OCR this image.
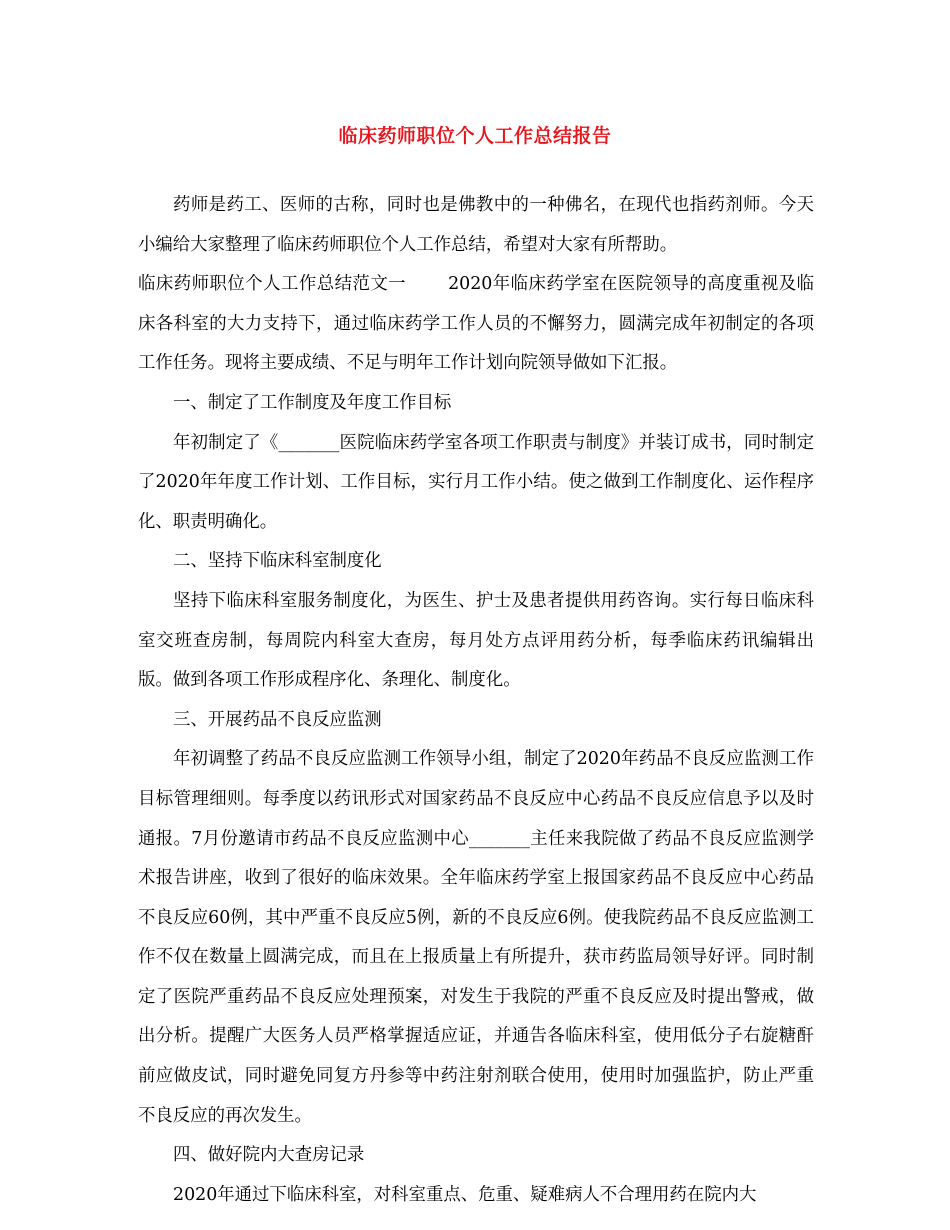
临床药师职位个人工作总结报告

药师是药工、医师的古称，同时也是佛教中的一种佛名，在现代也指药剂师。今天小编给大家整理了临床药师职位个人工作总结，希望对大家有所帮助。

临床药师职位个人工作总结范文一 2020年临床药学室在医院领导的高度重视及临床各科室的大力支持下，通过临床药学工作人员的不懈努力，圆满完成年初制定的各项工作任务。现将主要成绩、不足与明年工作计划向院领导做如下汇报。

一、制定了工作制度及年度工作目标

年初制定了《_______医院临床药学室各项工作职责与制度》并装订成书，同时制定了2020年年度工作计划、工作目标，实行月工作小结。使之做到工作制度化、运作程序化、职责明确化。

二、坚持下临床科室制度化

坚持下临床科室服务制度化，为医生、护士及患者提供用药咨询。实行每日临床科室交班查房制，每周院内科室大查房，每月处方点评用药分析，每季临床药讯编辑出版。做到各项工作形成程序化、条理化、制度化。

三、开展药品不良反应监测

年初调整了药品不良反应监测工作领导小组，制定了2020年药品不良反应监测工作目标管理细则。每季度以药讯形式对国家药品不良反应中心药品不良反应信息予以及时通报。7月份邀请市药品不良反应监测中心_______主任来我院做了药品不良反应监测学术报告讲座，收到了很好的临床效果。全年临床药学室上报国家药品不良反应中心药品不良反应60例，其中严重不良反应5例，新的不良反应6例。使我院药品不良反应监测工作不仅在数量上圆满完成，而且在上报质量上有所提升，获市药监局领导好评。同时制定了医院严重药品不良反应处理预案，对发生于我院的严重不良反应及时提出警戒，做出分析。提醒广大医务人员严格掌握适应证，并通告各临床科室，使用低分子右旋糖酐前应做皮试，同时避免同复方丹参等中药注射剂联合使用，使用时加强监护，防止严重不良反应的再次发生。

四、做好院内大查房记录

2020年通过下临床科室，对科室重点、危重、疑难病人不合理用药在院内大
